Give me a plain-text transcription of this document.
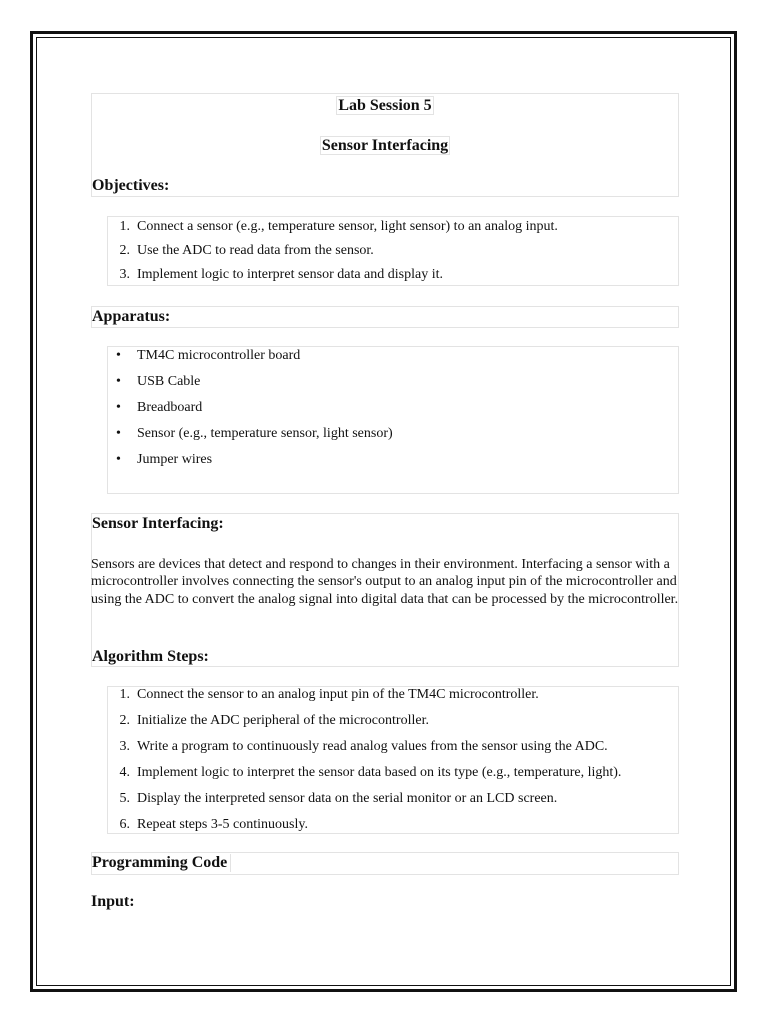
Lab Session 5
Sensor Interfacing
Objectives:
1. Connect a sensor (e.g., temperature sensor, light sensor) to an analog input.
2. Use the ADC to read data from the sensor.
3. Implement logic to interpret sensor data and display it.
Apparatus:
• TM4C microcontroller board
• USB Cable
• Breadboard
• Sensor (e.g., temperature sensor, light sensor)
• Jumper wires
Sensor Interfacing:
Algorithm Steps:
Sensors are devices that detect and respond to changes in their environment. Interfacing a sensor with a microcontroller involves connecting the sensor's output to an analog input pin of the microcontroller and using the ADC to convert the analog signal into digital data that can be processed by the microcontroller.
1. Connect the sensor to an analog input pin of the TM4C microcontroller.
2. Initialize the ADC peripheral of the microcontroller.
3. Write a program to continuously read analog values from the sensor using the ADC.
4. Implement logic to interpret the sensor data based on its type (e.g., temperature, light).
5. Display the interpreted sensor data on the serial monitor or an LCD screen.
6. Repeat steps 3-5 continuously.
Programming Code
Input:
